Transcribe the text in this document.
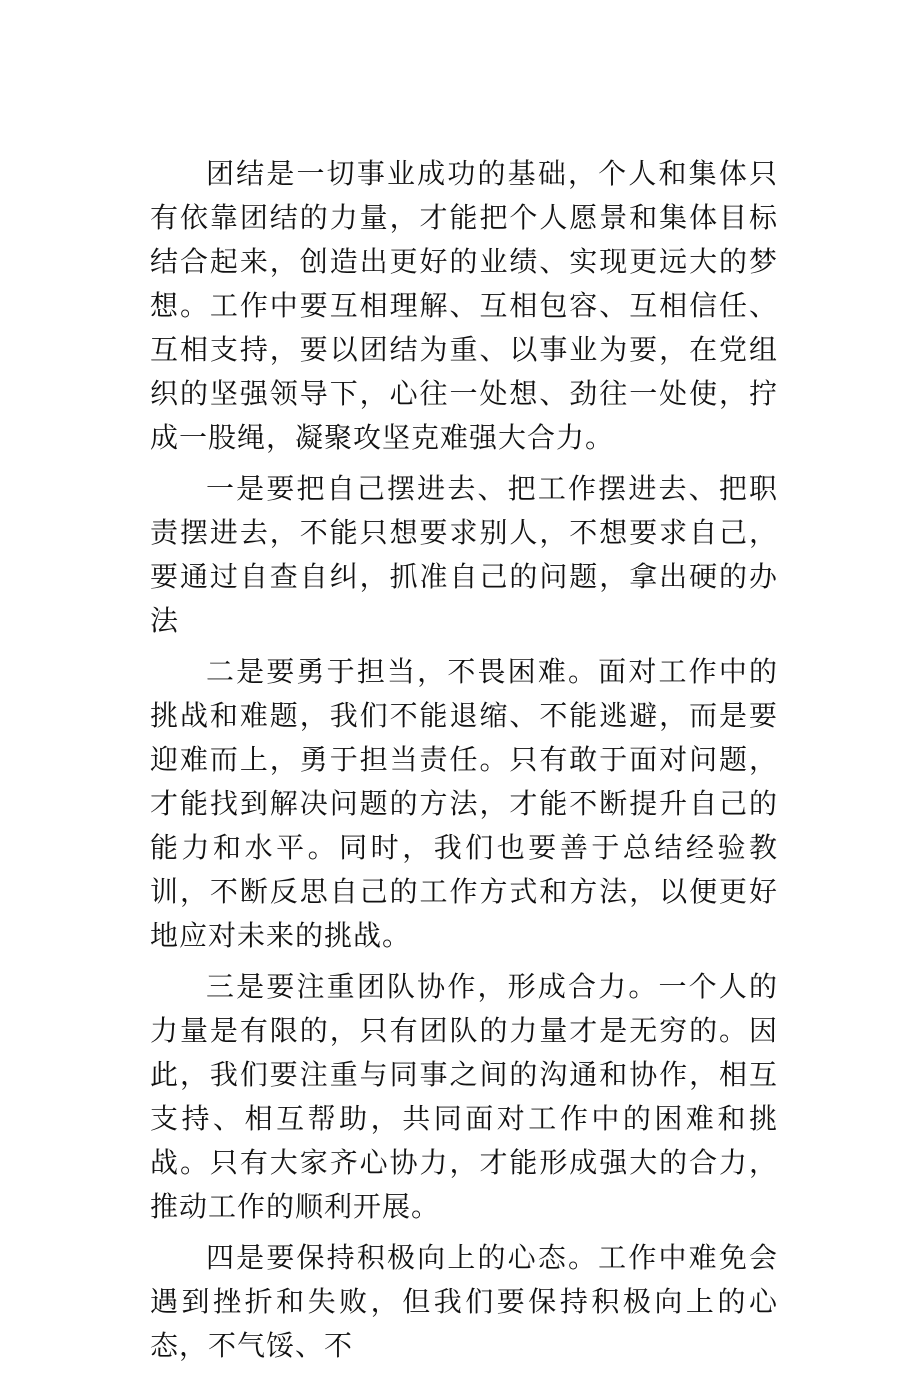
团结是一切事业成功的基础，个人和集体只有依靠团结的力量，才能把个人愿景和集体目标结合起来，创造出更好的业绩、实现更远大的梦想。工作中要互相理解、互相包容、互相信任、互相支持，要以团结为重、以事业为要，在党组织的坚强领导下，心往一处想、劲往一处使，拧成一股绳，凝聚攻坚克难强大合力。

一是要把自己摆进去、把工作摆进去、把职责摆进去，不能只想要求别人，不想要求自己，要通过自查自纠，抓准自己的问题，拿出硬的办法

二是要勇于担当，不畏困难。面对工作中的挑战和难题，我们不能退缩、不能逃避，而是要迎难而上，勇于担当责任。只有敢于面对问题，才能找到解决问题的方法，才能不断提升自己的能力和水平。同时，我们也要善于总结经验教训，不断反思自己的工作方式和方法，以便更好地应对未来的挑战。

三是要注重团队协作，形成合力。一个人的力量是有限的，只有团队的力量才是无穷的。因此，我们要注重与同事之间的沟通和协作，相互支持、相互帮助，共同面对工作中的困难和挑战。只有大家齐心协力，才能形成强大的合力，推动工作的顺利开展。

四是要保持积极向上的心态。工作中难免会遇到挫折和失败，但我们要保持积极向上的心态，不气馁、不
